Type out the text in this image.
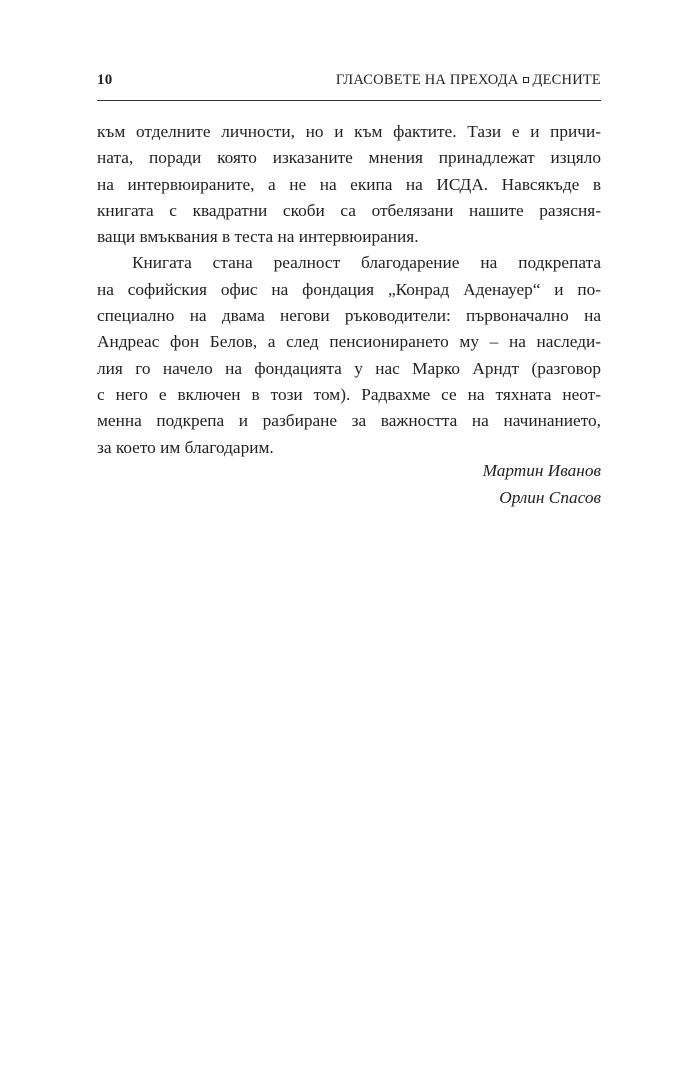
10	ГЛАСОВЕТЕ НА ПРЕХОДА ДЕСНИТЕ

към отделните личности, но и към фактите. Тази е и причи-
ната, поради която изказаните мнения принадлежат изцяло
на интервюираните, а не на екипа на ИСДА. Навсякъде в
книгата с квадратни скоби са отбелязани нашите разясня-
ващи вмъквания в теста на интервюирания.

Книгата стана реалност благодарение на подкрепата
на софийския офис на фондация „Конрад Аденауер“ и по-
специално на двама негови ръководители: първоначално на
Андреас фон Белов, а след пенсионирането му – на наследи-
лия го начело на фондацията у нас Марко Арндт (разговор
с него е включен в този том). Радвахме се на тяхната неот-
менна подкрепа и разбиране за важността на начинанието,
за което им благодарим.

Мартин Иванов
Орлин Спасов
